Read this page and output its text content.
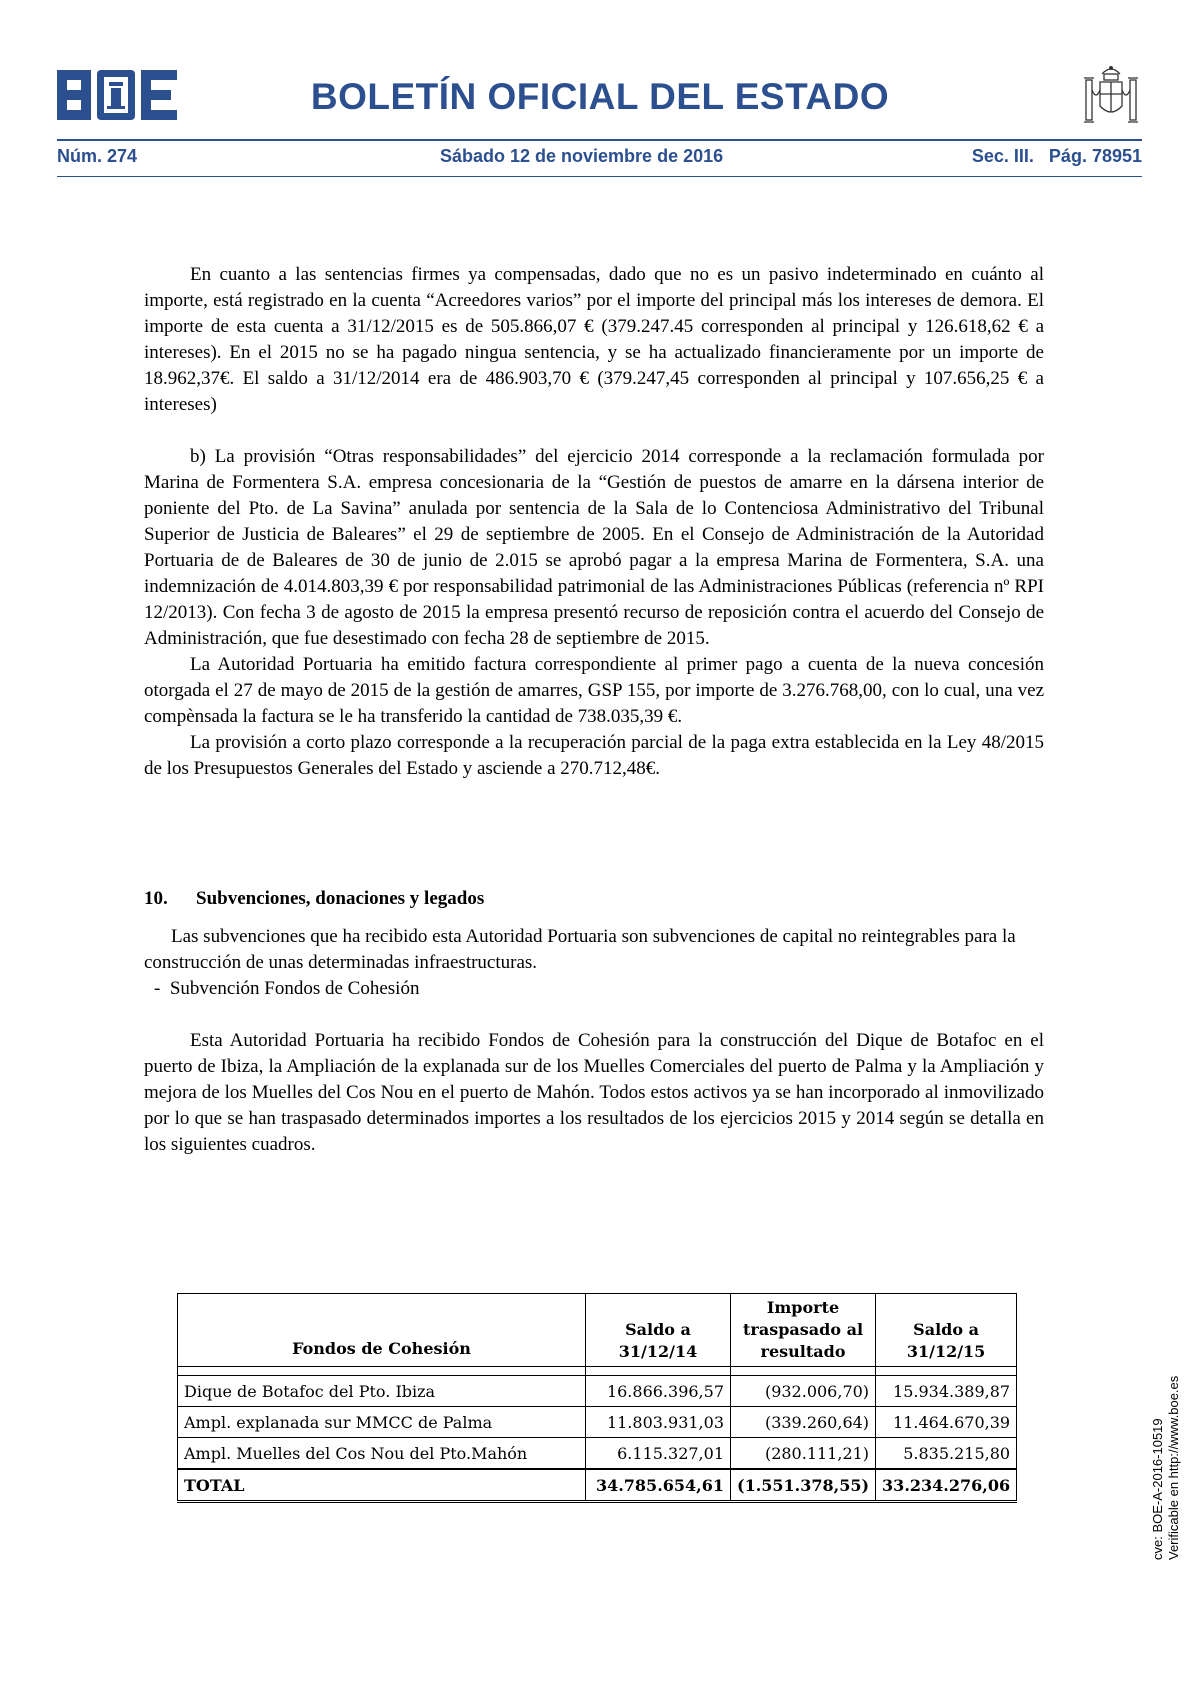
BOLETÍN OFICIAL DEL ESTADO
Núm. 274	Sábado 12 de noviembre de 2016	Sec. III.   Pág. 78951

En cuanto a las sentencias firmes ya compensadas, dado que no es un pasivo indeterminado en cuánto al importe, está registrado en la cuenta “Acreedores varios” por el importe del principal más los intereses de demora. El importe de esta cuenta a 31/12/2015 es de 505.866,07 € (379.247.45 corresponden al principal y 126.618,62 € a intereses). En el 2015 no se ha pagado ningua sentencia, y se ha actualizado financieramente por un importe de 18.962,37€. El saldo a 31/12/2014 era de 486.903,70 € (379.247,45 corresponden al principal y 107.656,25 € a intereses)

b) La provisión “Otras responsabilidades” del ejercicio 2014 corresponde a la reclamación formulada por Marina de Formentera S.A. empresa concesionaria de la “Gestión de puestos de amarre en la dársena interior de poniente del Pto. de La Savina” anulada por sentencia de la Sala de lo Contenciosa Administrativo del Tribunal Superior de Justicia de Baleares” el 29 de septiembre de 2005. En el Consejo de Administración de la Autoridad Portuaria de de Baleares de 30 de junio de 2.015 se aprobó pagar a la empresa Marina de Formentera, S.A. una indemnización de 4.014.803,39 € por responsabilidad patrimonial de las Administraciones Públicas (referencia nº RPI 12/2013). Con fecha 3 de agosto de 2015 la empresa presentó recurso de reposición contra el acuerdo del Consejo de Administración, que fue desestimado con fecha 28 de septiembre de 2015.

La Autoridad Portuaria ha emitido factura correspondiente al primer pago a cuenta de la nueva concesión otorgada el 27 de mayo de 2015 de la gestión de amarres, GSP 155, por importe de 3.276.768,00, con lo cual, una vez compènsada la factura se le ha transferido la cantidad de 738.035,39 €.

La provisión a corto plazo corresponde a la recuperación parcial de la paga extra establecida en la Ley 48/2015 de los Presupuestos Generales del Estado y asciende a 270.712,48€.

10. Subvenciones, donaciones y legados

Las subvenciones que ha recibido esta Autoridad Portuaria son subvenciones de capital no reintegrables para la construcción de unas determinadas infraestructuras.

-  Subvención Fondos de Cohesión

Esta Autoridad Portuaria ha recibido Fondos de Cohesión para la construcción del Dique de Botafoc en el puerto de Ibiza, la Ampliación de la explanada sur de los Muelles Comerciales del puerto de Palma y la Ampliación y mejora de los Muelles del Cos Nou en el puerto de Mahón. Todos estos activos ya se han incorporado al inmovilizado por lo que se han traspasado determinados importes a los resultados de los ejercicios 2015 y 2014 según se detalla en los siguientes cuadros.

Fondos de Cohesión	Saldo a 31/12/14	Importe traspasado al resultado	Saldo a 31/12/15

Dique de Botafoc del Pto. Ibiza	16.866.396,57	(932.006,70)	15.934.389,87
Ampl. explanada sur MMCC de Palma	11.803.931,03	(339.260,64)	11.464.670,39
Ampl. Muelles del Cos Nou del Pto.Mahón	6.115.327,01	(280.111,21)	5.835.215,80
TOTAL	34.785.654,61	(1.551.378,55)	33.234.276,06	cve: BOE-A-2016-10519 Verificable en http://www.boe.es
